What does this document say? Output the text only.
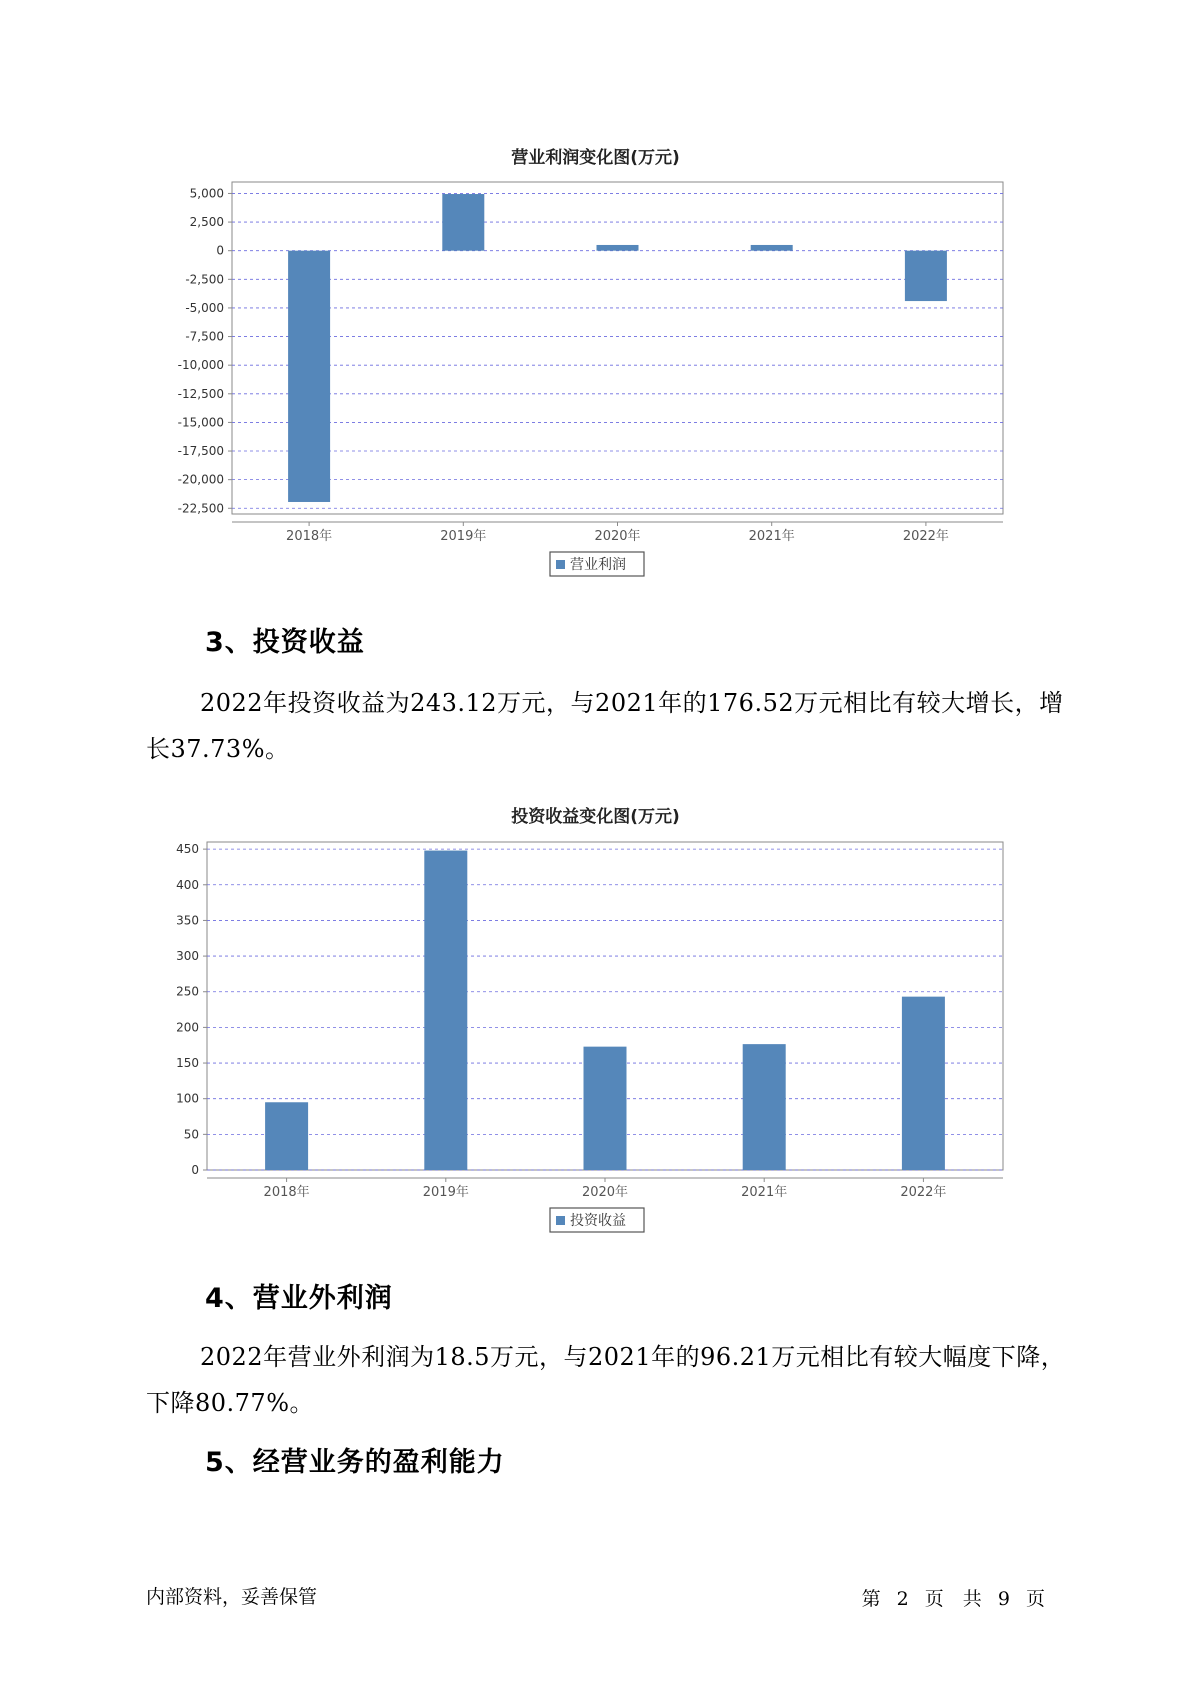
营业利润变化图(万元)
5,000
2,500
0
-2,500
-5,000
-7,500
-10,000
-12,500
-15,000
-17,500
-20,000
-22,500
2018年	2019年	2020年	2021年	2022年
营业利润
3、投资收益
2022年投资收益为243.12万元，与2021年的176.52万元相比有较大增长，增长37.73%。
投资收益变化图(万元)
450
400
350
300
250
200
150
100
50
0
2018年	2019年	2020年	2021年	2022年
投资收益
4、营业外利润
2022年营业外利润为18.5万元，与2021年的96.21万元相比有较大幅度下降，下降80.77%。
5、经营业务的盈利能力
内部资料，妥善保管	第 2 页　共 9 页
